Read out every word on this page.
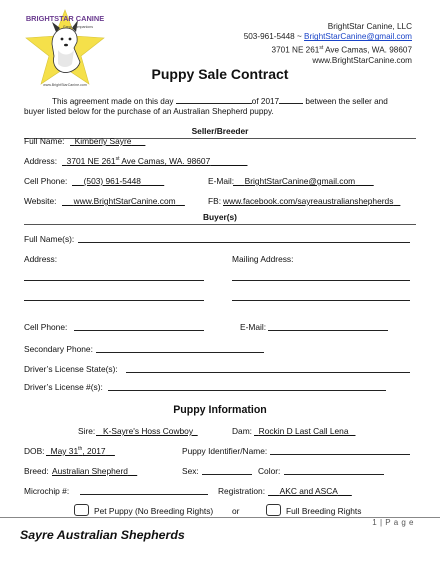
BRIGHTSTAR CANINE
Great Companions
www.BrightStarCanine.com
BrightStar Canine, LLC
503-961-5448 ~ BrightStarCanine@gmail.com
3701 NE 261st Ave Camas, WA. 98607
www.BrightStarCanine.com
Puppy Sale Contract
This agreement made on this day	of 2017	between the seller and
buyer listed below for the purchase of an Australian Shepherd puppy.
Seller/Breeder
Full Name:	Kimberly Sayre
Address:	3701 NE 261st Ave Camas, WA. 98607
Cell Phone:	(503) 961-5448	E-Mail:	BrightStarCanine@gmail.com
Website:	www.BrightStarCanine.com	FB: www.facebook.com/sayreaustralianshepherds
Buyer(s)
Full Name(s):
Address:	Mailing Address:
Cell Phone:	E-Mail:
Secondary Phone:
Driver’s License State(s):
Driver’s License #(s):
Puppy Information
Sire: K-Sayre's Hoss Cowboy	Dam: Rockin D Last Call Lena
DOB: May 31th, 2017	Puppy Identifier/Name:
Breed: Australian Shepherd	Sex:	Color:
Microchip #:	Registration:	AKC and ASCA
Pet Puppy (No Breeding Rights) or	Full Breeding Rights
1 | P a g e
Sayre Australian Shepherds
